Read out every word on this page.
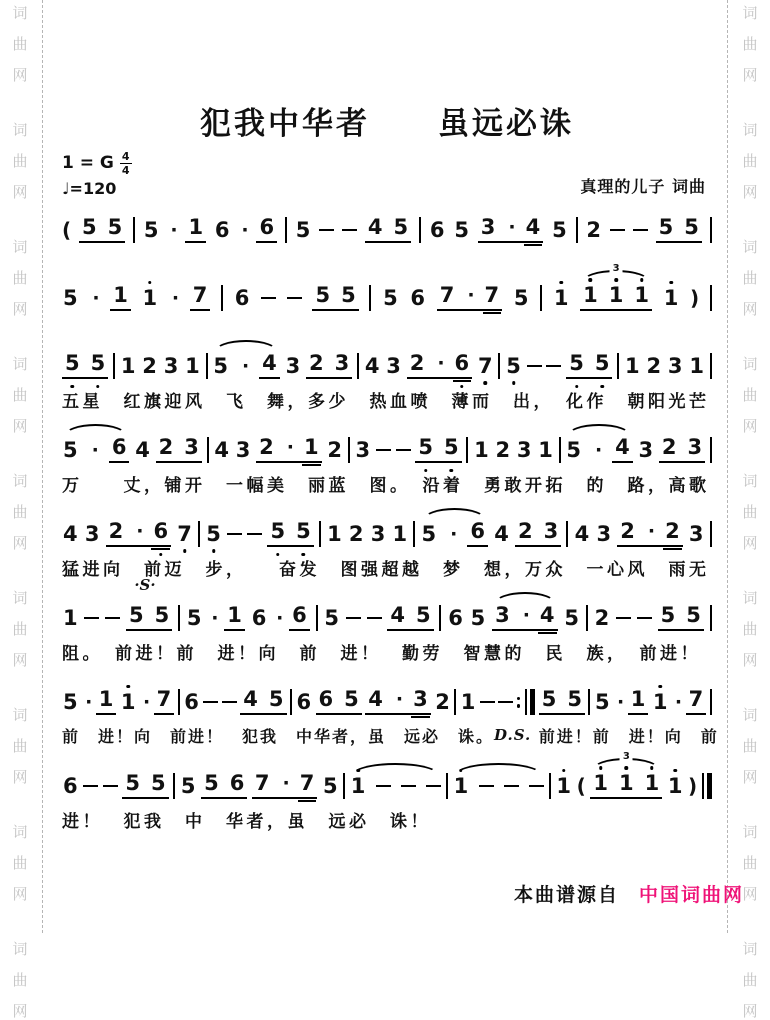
词
曲
网
词
曲
网
词
曲
网
词
曲
网
词
曲
网
词
曲
网
词
曲
网
词
曲
网
词
曲
网
词
曲
网
词
曲
网
词
曲
网
词
曲
网
词
曲
网
词
曲
网
词
曲
网
词
曲
网
词
曲
网
犯我中华者　　虽远必诛
1 = G $\frac{4}{4}$
♩=120	真理的儿子 词曲
( 5 5 5 · 1 6 · 6 5	4 5 6 5 3 · 4 5 2	5 5
5 · 1 1 · 7 6	5 5 5 6 7 · 7 5 1
3
1 1 1 1 )
5 5 1 2 3 1 5 · 4 3 2 3 4 3 2 · 6 7 5 5 5 1 2 3 1
五星　红旗迎风　飞　舞，多少　热血喷　薄而　出，　化作　朝阳光芒
5 · 6 4 2 3 4 3 2 · 1 2 3 5 5 1 2 3 1 5 · 4 3 2 3
万　　丈，铺开　一幅美　丽蓝　图。　沿着　勇敢开拓　的　路，高歌
4 3 2 · 6 7 5 5 5 1 2 3 1 5 · 6 4 2 3 4 3 2 · 2 3
猛进向　前迈　步，　　奋发　图强超越　梦　想，万众　一心风　雨无
1 5 5
·S·
5 · 1 6 · 6 5 4 5 6 5 3 · 4 5 2 5 5
阻。　前进！前　进！向　前　进！　勤劳　智慧的　民　族，　前进！
5 · 1 1 · 7 6 4 5 6 6 5 4 · 3 2 1	5 5 5 · 1 1 · 7
前　进！向　前进！　犯我　中华者，虽　远必　诛。 D.S. 前进！前　进！向　前
6 5 5 5 5 6 7 · 7 5 1	1	1 (
3
1 1 1 1 )
进！　犯我　中　华者，虽　远必　诛！
本曲谱源自 中国词曲网
